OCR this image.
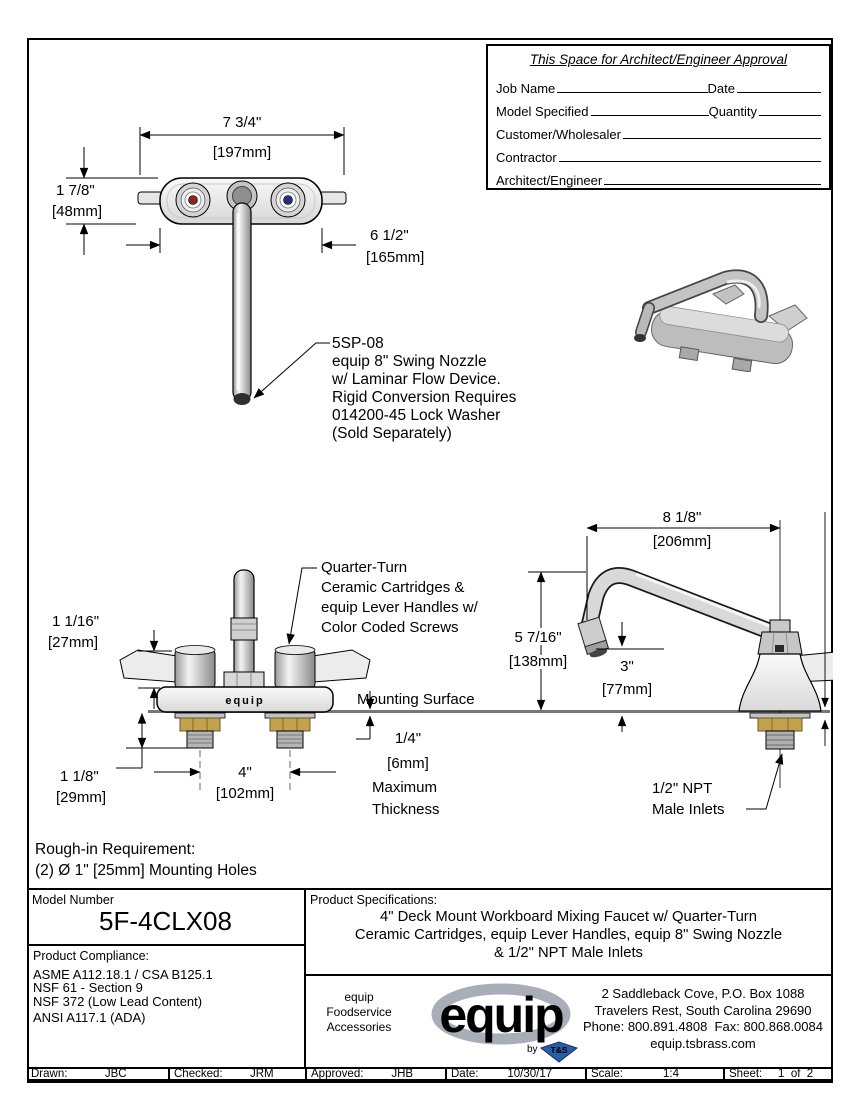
This Space for Architect/Engineer Approval
Job Name	Date
Model Specified	Quantity
Customer/Wholesaler
Contractor
Architect/Engineer
7 3/4"
[197mm]
1 7/8"
[48mm]
6 1/2"
[165mm]
5SP-08
equip 8" Swing Nozzle
w/ Laminar Flow Device.
Rigid Conversion Requires
014200-45 Lock Washer
(Sold Separately)
Mounting Surface
equip
Quarter-Turn
Ceramic Cartridges &
equip Lever Handles w/
Color Coded Screws
1 1/16"
[27mm]
1 1/8"
[29mm]
4"
[102mm]
1/4"
[6mm]
Maximum
Thickness
8 1/8"
[206mm]
5 7/16"
[138mm]	3"
[77mm]
1/2" NPT
Male Inlets
Rough-in Requirement:
(2) Ø 1" [25mm] Mounting Holes
Model Number
5F-4CLX08
Product Compliance:
ASME A112.18.1 / CSA B125.1
NSF 61 - Section 9
NSF 372 (Low Lead Content)
ANSI A117.1 (ADA)
Product Specifications:
4" Deck Mount Workboard Mixing Faucet w/ Quarter-Turn
Ceramic Cartridges, equip Lever Handles, equip 8" Swing Nozzle
& 1/2" NPT Male Inlets
equip
Foodservice
Accessories equip
by T&S
2 Saddleback Cove, P.O. Box 1088
Travelers Rest, South Carolina 29690
Phone: 800.891.4808  Fax: 800.868.0084
equip.tsbrass.com
Drawn:	JBC	Checked:	JRM	Approved:	JHB	Date:	10/30/17	Scale:	1:4	Sheet:	1  of  2
